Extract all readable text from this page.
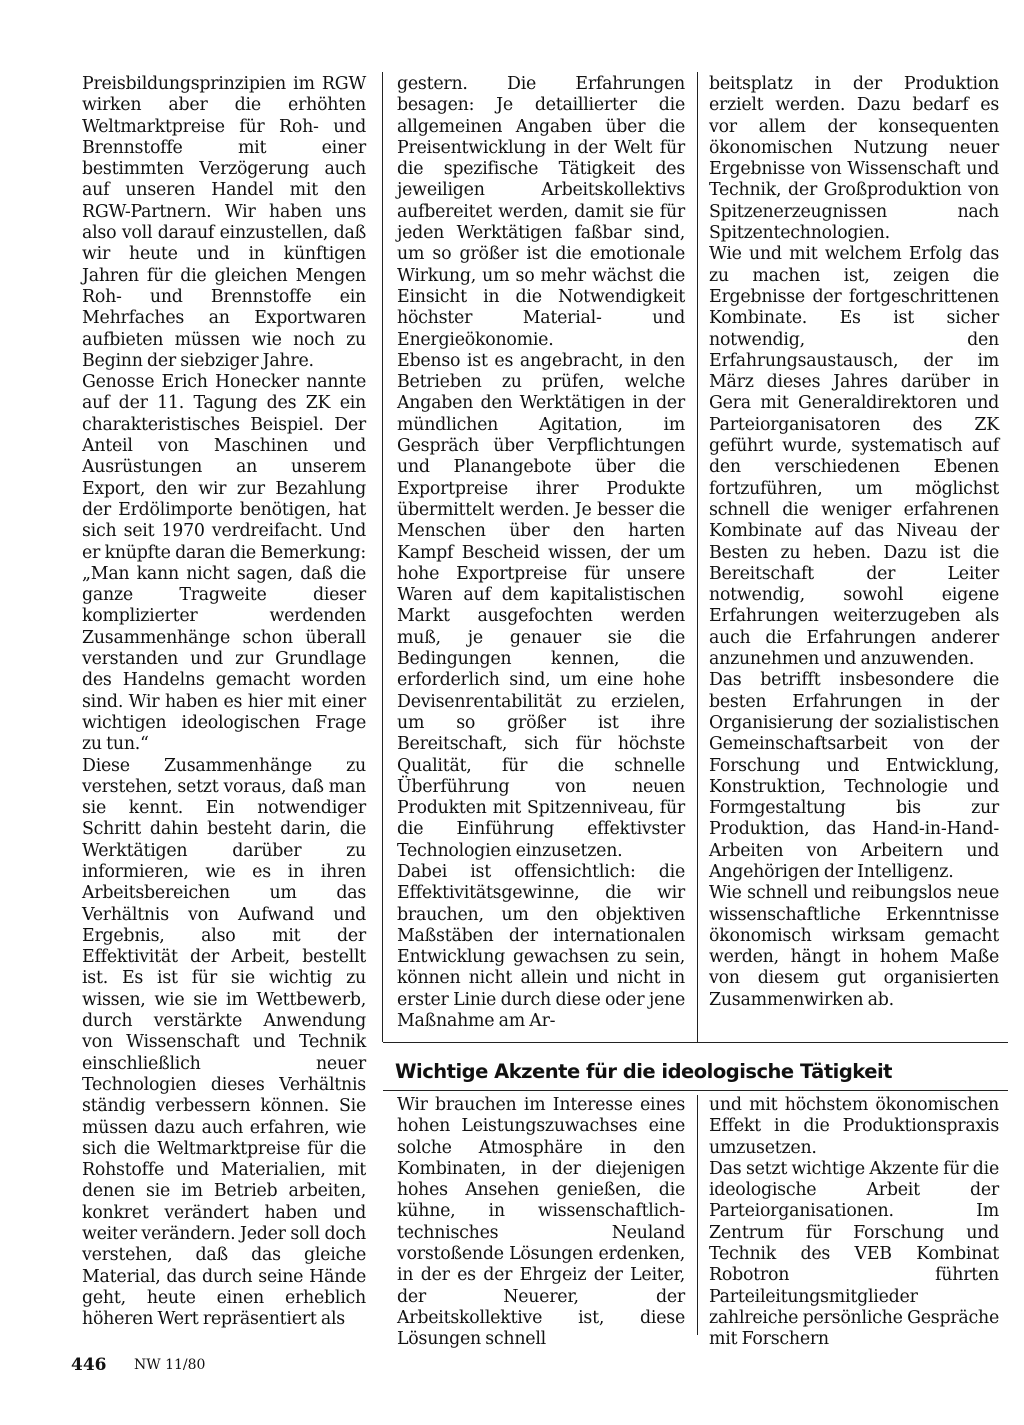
Preisbildungsprinzipien im RGW wirken aber die erhöhten Weltmarktpreise für Roh- und Brennstoffe mit einer bestimmten Verzögerung auch auf unseren Handel mit den RGW-Partnern. Wir haben uns also voll darauf einzustellen, daß wir heute und in künftigen Jahren für die gleichen Mengen Roh- und Brennstoffe ein Mehrfaches an Exportwaren aufbieten müssen wie noch zu Beginn der siebziger Jahre.

Genosse Erich Honecker nannte auf der 11. Tagung des ZK ein charakteristisches Beispiel. Der Anteil von Maschinen und Ausrüstungen an unserem Export, den wir zur Bezahlung der Erdölimporte benötigen, hat sich seit 1970 verdreifacht. Und er knüpfte daran die Bemerkung: „Man kann nicht sagen, daß die ganze Tragweite dieser komplizierter werdenden Zusammenhänge schon überall verstanden und zur Grundlage des Handelns gemacht worden sind. Wir haben es hier mit einer wichtigen ideologischen Frage zu tun.“

Diese Zusammenhänge zu verstehen, setzt voraus, daß man sie kennt. Ein notwendiger Schritt dahin besteht darin, die Werktätigen darüber zu informieren, wie es in ihren Arbeitsbereichen um das Verhältnis von Aufwand und Ergebnis, also mit der Effektivität der Arbeit, bestellt ist. Es ist für sie wichtig zu wissen, wie sie im Wettbewerb, durch verstärkte Anwendung von Wissenschaft und Technik einschließlich neuer Technologien dieses Verhältnis ständig verbessern können. Sie müssen dazu auch erfahren, wie sich die Weltmarktpreise für die Rohstoffe und Materialien, mit denen sie im Betrieb arbeiten, konkret verändert haben und weiter verändern. Jeder soll doch verstehen, daß das gleiche Material, das durch seine Hände geht, heute einen erheblich höheren Wert repräsentiert als

gestern. Die Erfahrungen besagen: Je detaillierter die allgemeinen Angaben über die Preisentwicklung in der Welt für die spezifische Tätigkeit des jeweiligen Arbeitskollektivs aufbereitet werden, damit sie für jeden Werktätigen faßbar sind, um so größer ist die emotionale Wirkung, um so mehr wächst die Einsicht in die Notwendigkeit höchster Material- und Energieökonomie.

Ebenso ist es angebracht, in den Betrieben zu prüfen, welche Angaben den Werktätigen in der mündlichen Agitation, im Gespräch über Verpflichtungen und Planangebote über die Exportpreise ihrer Produkte übermittelt werden. Je besser die Menschen über den harten Kampf Bescheid wissen, der um hohe Exportpreise für unsere Waren auf dem kapitalistischen Markt ausgefochten werden muß, je genauer sie die Bedingungen kennen, die erforderlich sind, um eine hohe Devisenrentabilität zu erzielen, um so größer ist ihre Bereitschaft, sich für höchste Qualität, für die schnelle Überführung von neuen Produkten mit Spitzenniveau, für die Einführung effektivster Technologien einzusetzen.

Dabei ist offensichtlich: die Effektivitätsgewinne, die wir brauchen, um den objektiven Maßstäben der internationalen Entwicklung gewachsen zu sein, können nicht allein und nicht in erster Linie durch diese oder jene Maßnahme am Ar-

beitsplatz in der Produktion erzielt werden. Dazu bedarf es vor allem der konsequenten ökonomischen Nutzung neuer Ergebnisse von Wissenschaft und Technik, der Großproduktion von Spitzenerzeugnissen nach Spitzentechnologien.

Wie und mit welchem Erfolg das zu machen ist, zeigen die Ergebnisse der fortgeschrittenen Kombinate. Es ist sicher notwendig, den Erfahrungsaustausch, der im März dieses Jahres darüber in Gera mit Generaldirektoren und Parteiorganisatoren des ZK geführt wurde, systematisch auf den verschiedenen Ebenen fortzuführen, um möglichst schnell die weniger erfahrenen Kombinate auf das Niveau der Besten zu heben. Dazu ist die Bereitschaft der Leiter notwendig, sowohl eigene Erfahrungen weiterzugeben als auch die Erfahrungen anderer anzunehmen und anzuwenden.

Das betrifft insbesondere die besten Erfahrungen in der Organisierung der sozialistischen Gemeinschaftsarbeit von der Forschung und Entwicklung, Konstruktion, Technologie und Formgestaltung bis zur Produktion, das Hand-in-Hand-Arbeiten von Arbeitern und Angehörigen der Intelligenz.

Wie schnell und reibungslos neue wissenschaftliche Erkenntnisse ökonomisch wirksam gemacht werden, hängt in hohem Maße von diesem gut organisierten Zusammenwirken ab.

Wichtige Akzente für die ideologische Tätigkeit

Wir brauchen im Interesse eines hohen Leistungszuwachses eine solche Atmosphäre in den Kombinaten, in der diejenigen hohes Ansehen genießen, die kühne, in wissenschaftlich-technisches Neuland vorstoßende Lösungen erdenken, in der es der Ehrgeiz der Leiter, der Neuerer, der Arbeitskollektive ist, diese Lösungen schnell

und mit höchstem ökonomischen Effekt in die Produktionspraxis umzusetzen.

Das setzt wichtige Akzente für die ideologische Arbeit der Parteiorganisationen. Im Zentrum für Forschung und Technik des VEB Kombinat Robotron führten Parteileitungsmitglieder zahlreiche persönliche Gespräche mit Forschern

446 NW 11/80
